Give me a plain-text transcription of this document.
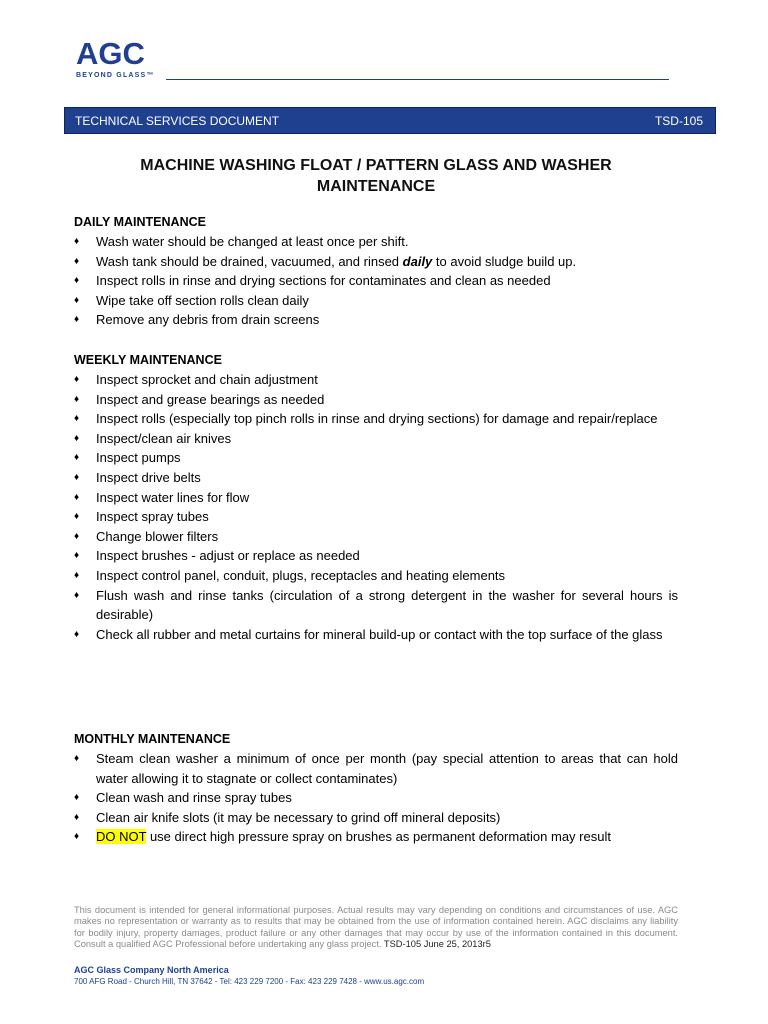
AGC
BEYOND GLASS™
TECHNICAL SERVICES DOCUMENT	TSD-105
MACHINE WASHING FLOAT / PATTERN GLASS AND WASHER
MAINTENANCE
DAILY MAINTENANCE
♦ Wash water should be changed at least once per shift.
♦ Wash tank should be drained, vacuumed, and rinsed daily to avoid sludge build up.
♦ Inspect rolls in rinse and drying sections for contaminates and clean as needed
♦ Wipe take off section rolls clean daily
♦ Remove any debris from drain screens
WEEKLY MAINTENANCE
♦ Inspect sprocket and chain adjustment
♦ Inspect and grease bearings as needed
♦ Inspect rolls (especially top pinch rolls in rinse and drying sections) for damage and repair/replace
♦ Inspect/clean air knives
♦ Inspect pumps
♦ Inspect drive belts
♦ Inspect water lines for flow
♦ Inspect spray tubes
♦ Change blower filters
♦ Inspect brushes - adjust or replace as needed
♦ Inspect control panel, conduit, plugs, receptacles and heating elements
♦ Flush wash and rinse tanks (circulation of a strong detergent in the washer for several hours is desirable)
♦ Check all rubber and metal curtains for mineral build-up or contact with the top surface of the glass
MONTHLY MAINTENANCE
♦ Steam clean washer a minimum of once per month (pay special attention to areas that can hold water allowing it to stagnate or collect contaminates)
♦ Clean wash and rinse spray tubes
♦ Clean air knife slots (it may be necessary to grind off mineral deposits)
♦ DO NOT use direct high pressure spray on brushes as permanent deformation may result
This document is intended for general informational purposes. Actual results may vary depending on conditions and circumstances of use. AGC makes no representation or warranty as to results that may be obtained from the use of information contained herein. AGC disclaims any liability for bodily injury, property damages, product failure or any other damages that may occur by use of the information contained in this document. Consult a qualified AGC Professional before undertaking any glass project. TSD-105 June 25, 2013r5
AGC Glass Company North America
700 AFG Road - Church Hill, TN 37642 - Tel: 423 229 7200 - Fax: 423 229 7428 - www.us.agc.com
